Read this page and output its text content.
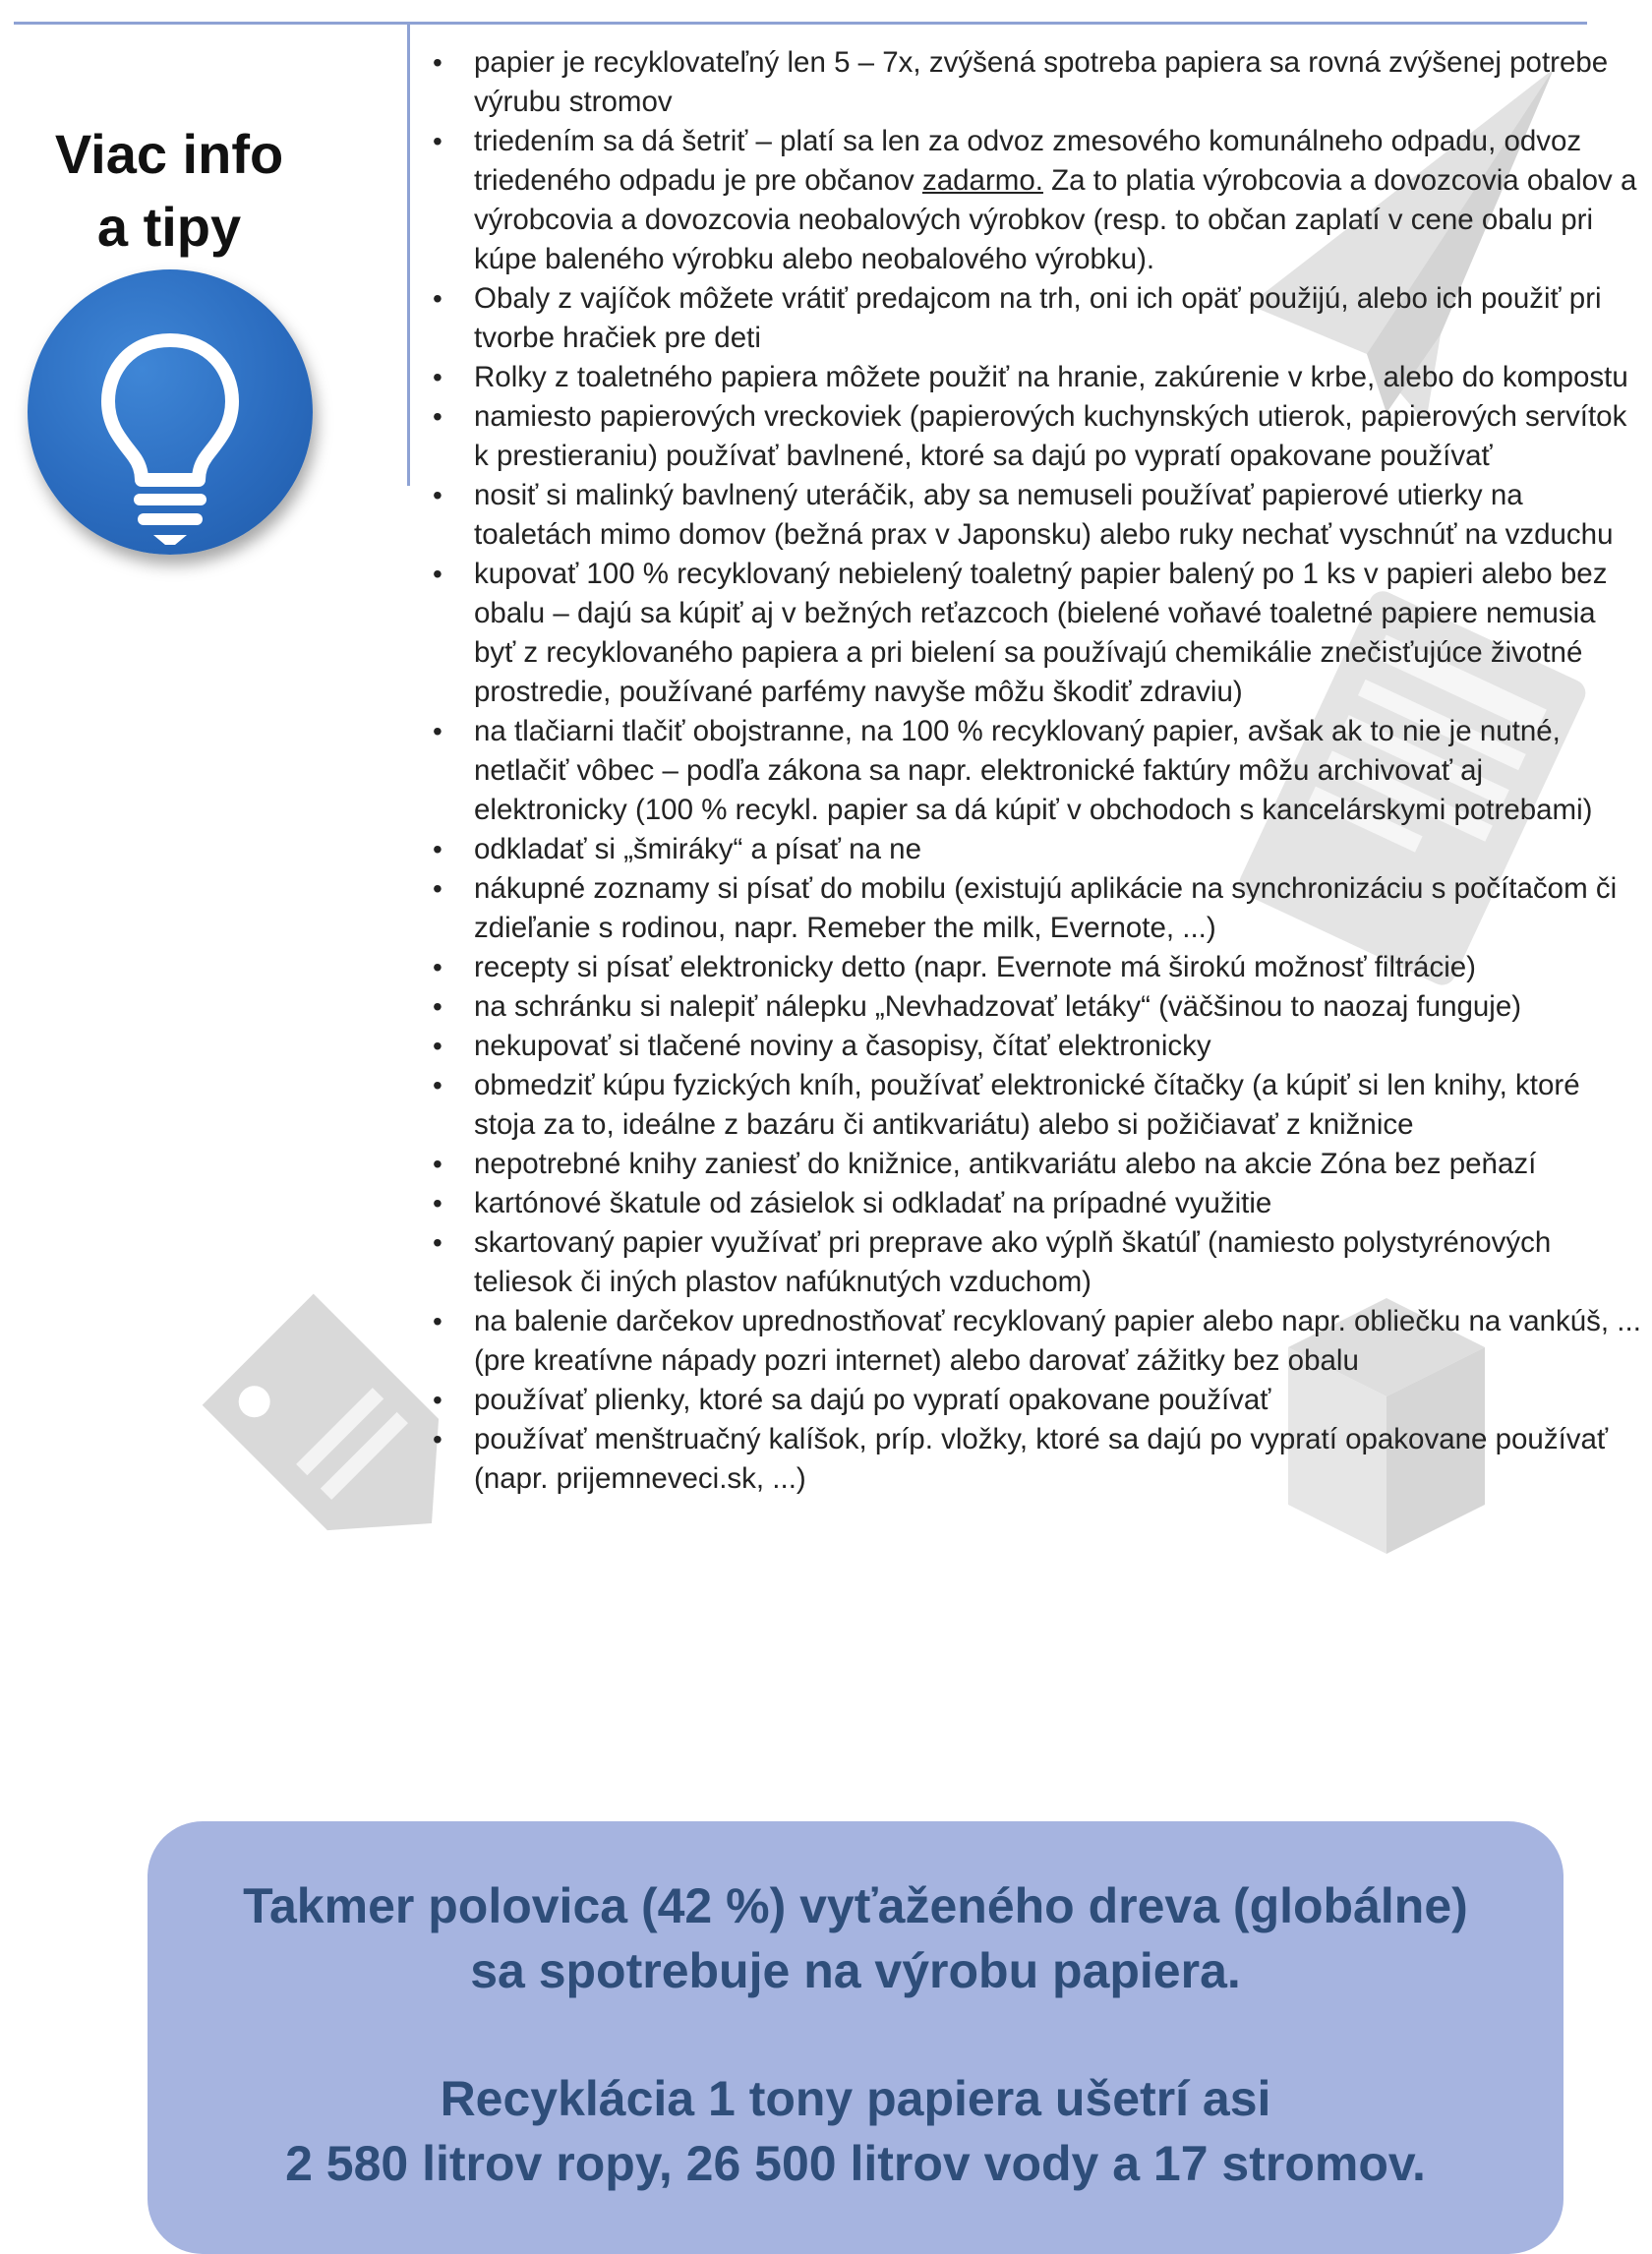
Viac info
a tipy
• papier je recyklovateľný len 5 – 7x, zvýšená spotreba papiera sa rovná zvýšenej potrebe výrubu stromov
• triedením sa dá šetriť – platí sa len za odvoz zmesového komunálneho odpadu, odvoz triedeného odpadu je pre občanov zadarmo. Za to platia výrobcovia a dovozcovia obalov a výrobcovia a dovozcovia neobalových výrobkov (resp. to občan zaplatí v cene obalu pri kúpe baleného výrobku alebo neobalového výrobku).
• Obaly z vajíčok môžete vrátiť predajcom na trh, oni ich opäť použijú, alebo ich použiť pri tvorbe hračiek pre deti
• Rolky z toaletného papiera môžete použiť na hranie, zakúrenie v krbe, alebo do kompostu
• namiesto papierových vreckoviek (papierových kuchynských utierok, papierových servítok k prestieraniu) používať bavlnené, ktoré sa dajú po vypratí opakovane používať
• nosiť si malinký bavlnený uteráčik, aby sa nemuseli používať papierové utierky na toaletách mimo domov (bežná prax v Japonsku) alebo ruky nechať vyschnúť na vzduchu
• kupovať 100 % recyklovaný nebielený toaletný papier balený po 1 ks v papieri alebo bez obalu – dajú sa kúpiť aj v bežných reťazcoch (bielené voňavé toaletné papiere nemusia byť z recyklovaného papiera a pri bielení sa používajú chemikálie znečisťujúce životné prostredie, používané parfémy navyše môžu škodiť zdraviu)
• na tlačiarni tlačiť obojstranne, na 100 % recyklovaný papier, avšak ak to nie je nutné, netlačiť vôbec – podľa zákona sa napr. elektronické faktúry môžu archivovať aj elektronicky (100 % recykl. papier sa dá kúpiť v obchodoch s kancelárskymi potrebami)
• odkladať si „šmiráky“ a písať na ne
• nákupné zoznamy si písať do mobilu (existujú aplikácie na synchronizáciu s počítačom či zdieľanie s rodinou, napr. Remeber the milk, Evernote, ...)
• recepty si písať elektronicky detto (napr. Evernote má širokú možnosť filtrácie)
• na schránku si nalepiť nálepku „Nevhadzovať letáky“ (väčšinou to naozaj funguje)
• nekupovať si tlačené noviny a časopisy, čítať elektronicky
• obmedziť kúpu fyzických kníh, používať elektronické čítačky (a kúpiť si len knihy, ktoré stoja za to, ideálne z bazáru či antikvariátu) alebo si požičiavať z knižnice
• nepotrebné knihy zaniesť do knižnice, antikvariátu alebo na akcie Zóna bez peňazí
• kartónové škatule od zásielok si odkladať na prípadné využitie
• skartovaný papier využívať pri preprave ako výplň škatúľ (namiesto polystyrénových teliesok či iných plastov nafúknutých vzduchom)
• na balenie darčekov uprednostňovať recyklovaný papier alebo napr. obliečku na vankúš, ... (pre kreatívne nápady pozri internet) alebo darovať zážitky bez obalu
• používať plienky, ktoré sa dajú po vypratí opakovane používať
• používať menštruačný kalíšok, príp. vložky, ktoré sa dajú po vypratí opakovane používať (napr. prijemneveci.sk, ...)
Takmer polovica (42 %) vyťaženého dreva (globálne)
sa spotrebuje na výrobu papiera.
Recyklácia 1 tony papiera ušetrí asi
2 580 litrov ropy, 26 500 litrov vody a 17 stromov.
